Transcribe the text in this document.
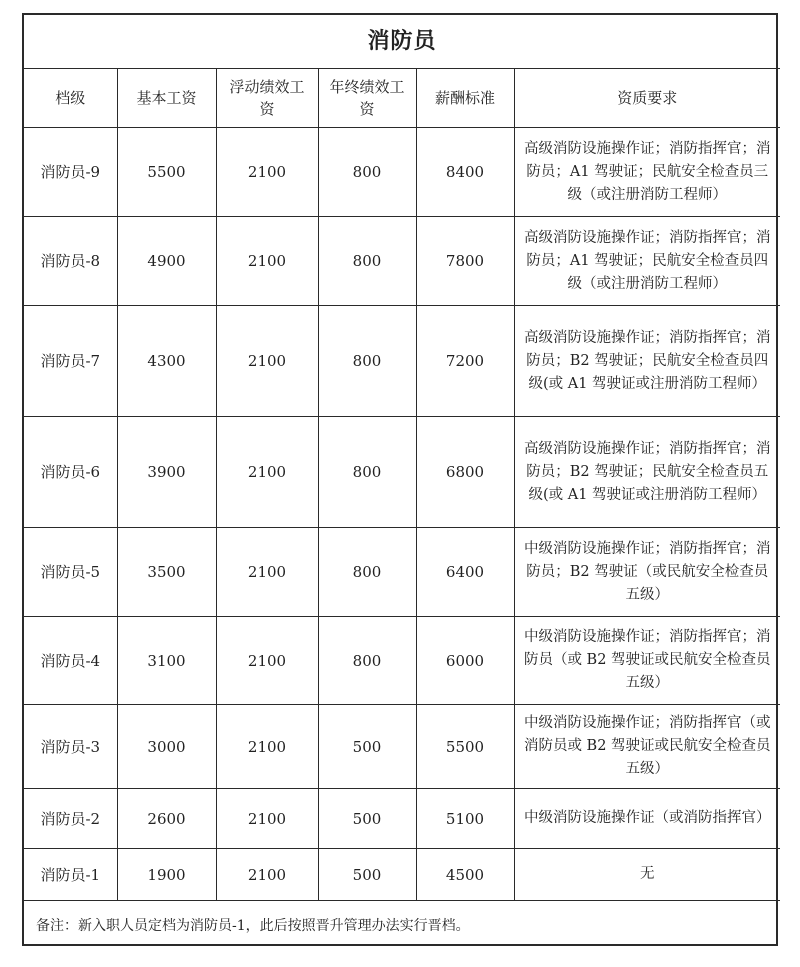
消防员					
档级	基本工资	浮动绩效工资	年终绩效工资	薪酬标准	资质要求
消防员-9	5500	2100	800	8400	高级消防设施操作证；消防指挥官；消防员；A1 驾驶证；民航安全检查员三级（或注册消防工程师）
消防员-8	4900	2100	800	7800	高级消防设施操作证；消防指挥官；消防员；A1 驾驶证；民航安全检查员四级（或注册消防工程师）
消防员-7	4300	2100	800	7200	高级消防设施操作证；消防指挥官；消防员；B2 驾驶证；民航安全检查员四级(或 A1 驾驶证或注册消防工程师）
消防员-6	3900	2100	800	6800	高级消防设施操作证；消防指挥官；消防员；B2 驾驶证；民航安全检查员五级(或 A1 驾驶证或注册消防工程师）
消防员-5	3500	2100	800	6400	中级消防设施操作证；消防指挥官；消防员；B2 驾驶证（或民航安全检查员五级）
消防员-4	3100	2100	800	6000	中级消防设施操作证；消防指挥官；消防员（或 B2 驾驶证或民航安全检查员五级）
消防员-3	3000	2100	500	5500	中级消防设施操作证；消防指挥官（或消防员或 B2 驾驶证或民航安全检查员五级）
消防员-2	2600	2100	500	5100	中级消防设施操作证（或消防指挥官）
消防员-1	1900	2100	500	4500	无
备注：新入职人员定档为消防员-1，此后按照晋升管理办法实行晋档。					
